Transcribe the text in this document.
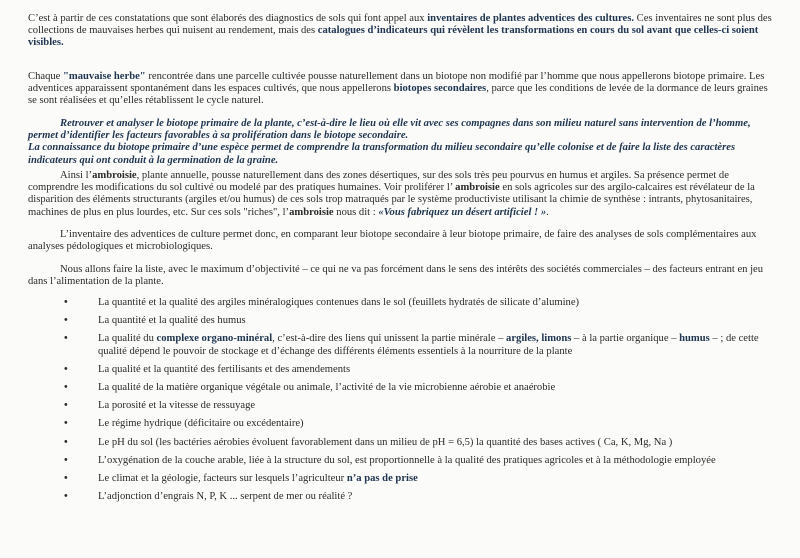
C’est à partir de ces constatations que sont élaborés des diagnostics de sols qui font appel aux inventaires de plantes adventices des cultures. Ces inventaires ne sont plus des collections de mauvaises herbes qui nuisent au rendement, mais des catalogues d’indicateurs qui révèlent les transformations en cours du sol avant que celles-ci soient visibles.

Chaque "mauvaise herbe" rencontrée dans une parcelle cultivée pousse naturellement dans un biotope non modifié par l’homme que nous appellerons biotope primaire. Les adventices apparaissent spontanément dans les espaces cultivés, que nous appellerons biotopes secondaires, parce que les conditions de levée de la dormance de leurs graines se sont réalisées et qu’elles rétablissent le cycle naturel.

Retrouver et analyser le biotope primaire de la plante, c’est-à-dire le lieu où elle vit avec ses compagnes dans son milieu naturel sans intervention de l’homme, permet d’identifier les facteurs favorables à sa prolifération dans le biotope secondaire.
La connaissance du biotope primaire d’une espèce permet de comprendre la transformation du milieu secondaire qu’elle colonise et de faire la liste des caractères indicateurs qui ont conduit à la germination de la graine.

Ainsi l’ambroisie, plante annuelle, pousse naturellement dans des zones désertiques, sur des sols très peu pourvus en humus et argiles. Sa présence permet de comprendre les modifications du sol cultivé ou modelé par des pratiques humaines. Voir proliférer l’ ambroisie en sols agricoles sur des argilo-calcaires est révélateur de la disparition des éléments structurants (argiles et/ou humus) de ces sols trop matraqués par le système productiviste utilisant la chimie de synthèse : intrants, phytosanitaires, machines de plus en plus lourdes, etc. Sur ces sols "riches", l’ambroisie nous dit : «Vous fabriquez un désert artificiel ! ».

L’inventaire des adventices de culture permet donc, en comparant leur biotope secondaire à leur biotope primaire, de faire des analyses de sols complémentaires aux analyses pédologiques et microbiologiques.

Nous allons faire la liste, avec le maximum d’objectivité – ce qui ne va pas forcément dans le sens des intérêts des sociétés commerciales – des facteurs entrant en jeu dans l’alimentation de la plante.

•	La quantité et la qualité des argiles minéralogiques contenues dans le sol (feuillets hydratés de silicate d’alumine)
•	La quantité et la qualité des humus
•	La qualité du complexe organo-minéral, c’est-à-dire des liens qui unissent la partie minérale – argiles, limons – à la partie organique – humus – ; de cette qualité dépend le pouvoir de stockage et d’échange des différents éléments essentiels à la nourriture de la plante
•	La qualité et la quantité des fertilisants et des amendements
•	La qualité de la matière organique végétale ou animale, l’activité de la vie microbienne aérobie et anaérobie
•	La porosité et la vitesse de ressuyage
•	Le régime hydrique (déficitaire ou excédentaire)
•	Le pH du sol (les bactéries aérobies évoluent favorablement dans un milieu de pH = 6,5) la quantité des bases actives ( Ca, K, Mg, Na )
•	L’oxygénation de la couche arable, liée à la structure du sol, est proportionnelle à la qualité des pratiques agricoles et à la méthodologie employée
•	Le climat et la géologie, facteurs sur lesquels l’agriculteur n’a pas de prise
•	L’adjonction d’engrais N, P, K ... serpent de mer ou réalité ?
